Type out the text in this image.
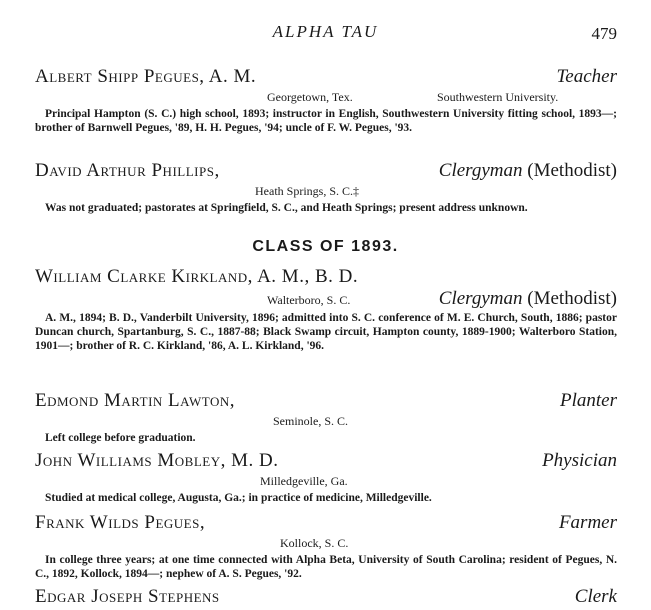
ALPHA TAU	479
Albert Shipp Pegues, A. M.	Teacher
Georgetown, Tex.	Southwestern University.
Principal Hampton (S. C.) high school, 1893; instructor in English, Southwestern University fitting school, 1893—; brother of Barnwell Pegues, '89, H. H. Pegues, '94; uncle of F. W. Pegues, '93.
David Arthur Phillips,	Clergyman (Methodist)
Heath Springs, S. C.‡
Was not graduated; pastorates at Springfield, S. C., and Heath Springs; present address unknown.
CLASS OF 1893.
William Clarke Kirkland, A. M., B. D.
Walterboro, S. C.	Clergyman (Methodist)
A. M., 1894; B. D., Vanderbilt University, 1896; admitted into S. C. conference of M. E. Church, South, 1886; pastor Duncan church, Spartanburg, S. C., 1887-88; Black Swamp circuit, Hampton county, 1889-1900; Walterboro Station, 1901—; brother of R. C. Kirkland, '86, A. L. Kirkland, '96.
Edmond Martin Lawton,	Planter
Seminole, S. C.
Left college before graduation.
John Williams Mobley, M. D.	Physician
Milledgeville, Ga.
Studied at medical college, Augusta, Ga.; in practice of medicine, Milledgeville.
Frank Wilds Pegues,	Farmer
Kollock, S. C.
In college three years; at one time connected with Alpha Beta, University of South Carolina; resident of Pegues, N. C., 1892, Kollock, 1894—; nephew of A. S. Pegues, '92.
Edgar Joseph Stephens	Clerk
